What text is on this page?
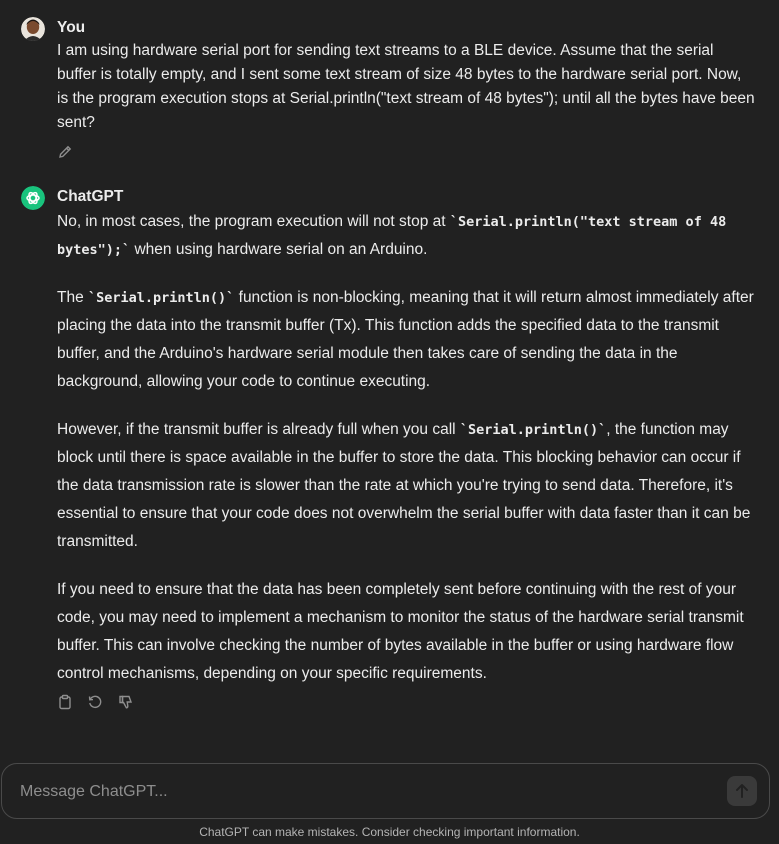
You

I am using hardware serial port for sending text streams to a BLE device. Assume that the serial buffer is totally empty, and I sent some text stream of size 48 bytes to the hardware serial port. Now, is the program execution stops at Serial.println("text stream of 48 bytes"); until all the bytes have been sent?

ChatGPT

No, in most cases, the program execution will not stop at `Serial.println("text stream of 48 bytes");` when using hardware serial on an Arduino.

The `Serial.println()` function is non-blocking, meaning that it will return almost immediately after placing the data into the transmit buffer (Tx). This function adds the specified data to the transmit buffer, and the Arduino's hardware serial module then takes care of sending the data in the background, allowing your code to continue executing.

However, if the transmit buffer is already full when you call `Serial.println()`, the function may block until there is space available in the buffer to store the data. This blocking behavior can occur if the data transmission rate is slower than the rate at which you're trying to send data. Therefore, it's essential to ensure that your code does not overwhelm the serial buffer with data faster than it can be transmitted.

If you need to ensure that the data has been completely sent before continuing with the rest of your code, you may need to implement a mechanism to monitor the status of the hardware serial transmit buffer. This can involve checking the number of bytes available in the buffer or using hardware flow control mechanisms, depending on your specific requirements.

Message ChatGPT...
ChatGPT can make mistakes. Consider checking important information.
